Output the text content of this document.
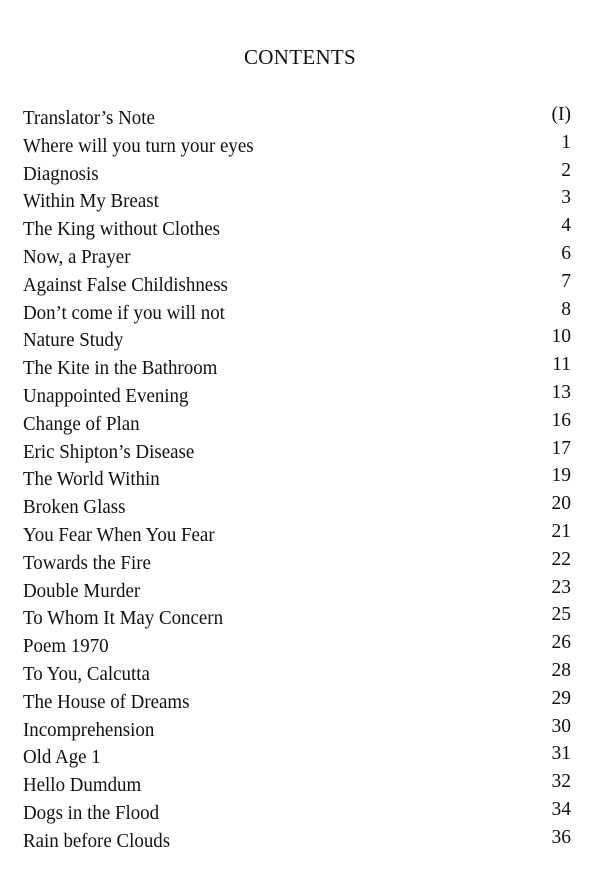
CONTENTS
Translator’s Note	(I)
Where will you turn your eyes	1
Diagnosis	2
Within My Breast	3
The King without Clothes	4
Now, a Prayer	6
Against False Childishness	7
Don’t come if you will not	8
Nature Study	10
The Kite in the Bathroom	11
Unappointed Evening	13
Change of Plan	16
Eric Shipton’s Disease	17
The World Within	19
Broken Glass	20
You Fear When You Fear	21
Towards the Fire	22
Double Murder	23
To Whom It May Concern	25
Poem 1970	26
To You, Calcutta	28
The House of Dreams	29
Incomprehension	30
Old Age 1	31
Hello Dumdum	32
Dogs in the Flood	34
Rain before Clouds	36
